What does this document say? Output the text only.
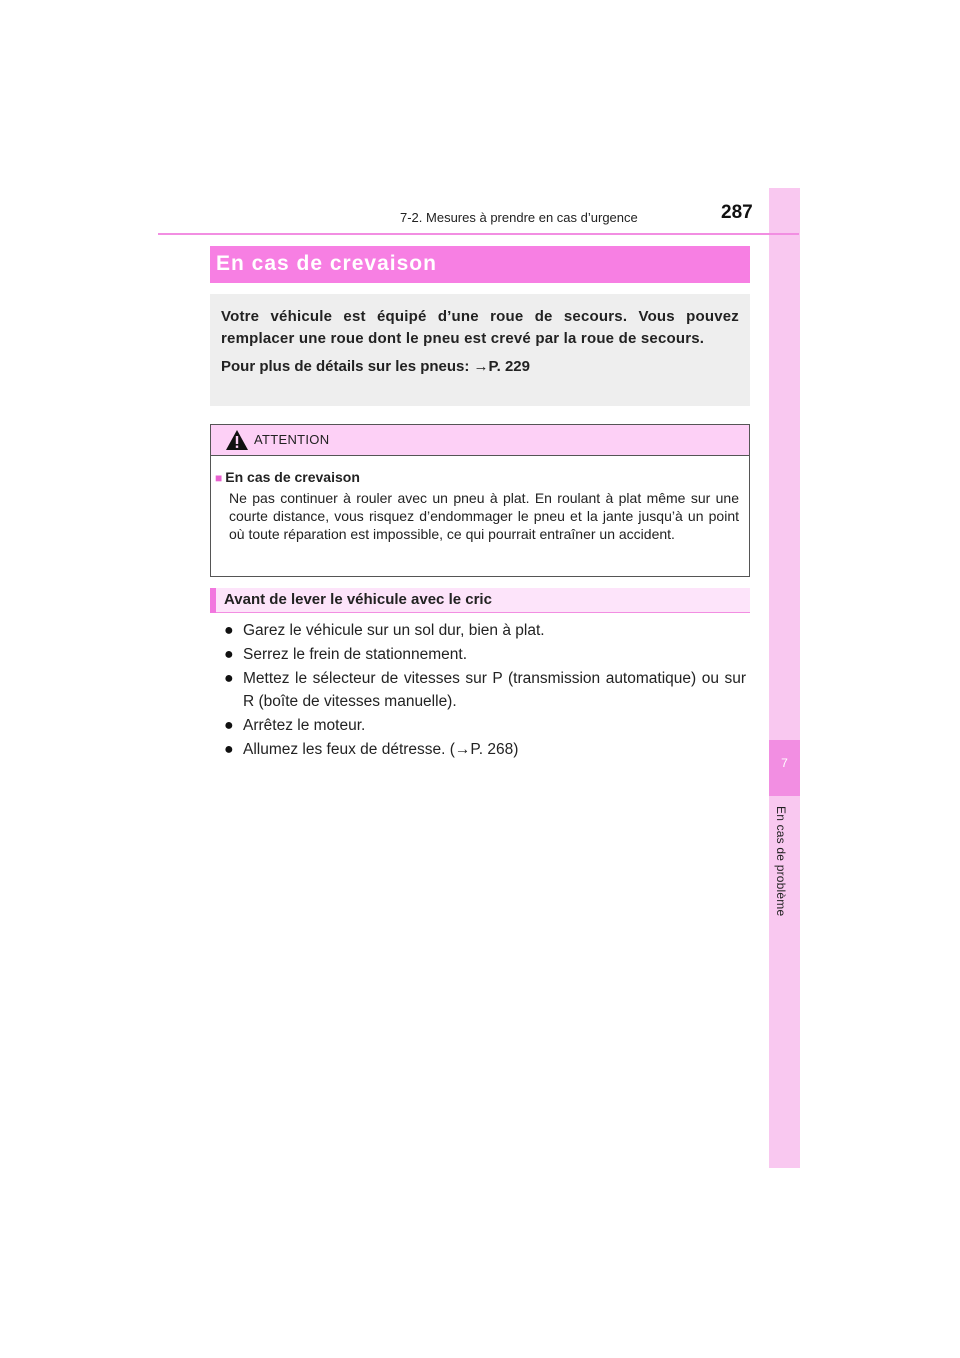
7
En cas de problème
7-2. Mesures à prendre en cas d’urgence	287
En cas de crevaison

Votre véhicule est équipé d’une roue de secours. Vous pouvez remplacer une roue dont le pneu est crevé par la roue de secours.

Pour plus de détails sur les pneus: →P. 229

ATTENTION
■ En cas de crevaison
Ne pas continuer à rouler avec un pneu à plat. En roulant à plat même sur une courte distance, vous risquez d’endommager le pneu et la jante jusqu’à un point où toute réparation est impossible, ce qui pourrait entraîner un accident.
Avant de lever le véhicule avec le cric
● Garez le véhicule sur un sol dur, bien à plat.
● Serrez le frein de stationnement.
● Mettez le sélecteur de vitesses sur P (transmission automatique) ou sur R (boîte de vitesses manuelle).
● Arrêtez le moteur.
● Allumez les feux de détresse. (→P. 268)
